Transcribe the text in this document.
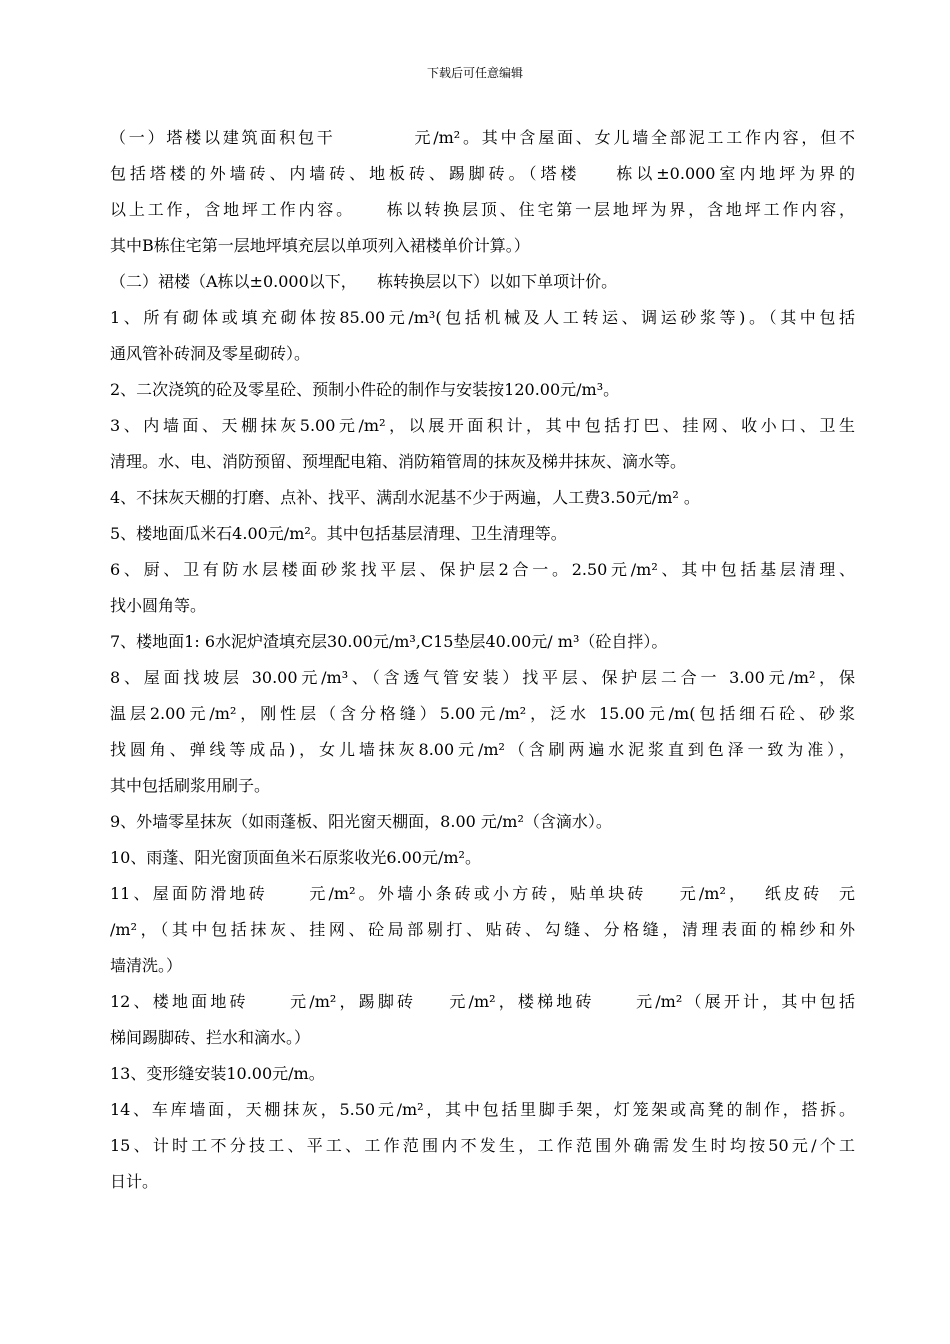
下载后可任意编辑
（一）塔楼以建筑面积包干          元/m²。其中含屋面、女儿墙全部泥工工作内容，但不
包括塔楼的外墙砖、内墙砖、地板砖、踢脚砖。（塔楼    栋以±0.000室内地坪为界的
以上工作，含地坪工作内容。    栋以转换层顶、住宅第一层地坪为界，含地坪工作内容，
其中B栋住宅第一层地坪填充层以单项列入裙楼单价计算。）
（二）裙楼（A栋以±0.000以下，    栋转换层以下）以如下单项计价。
1、所有砌体或填充砌体按85.00元/m³(包括机械及人工转运、调运砂浆等)。（其中包括
通风管补砖洞及零星砌砖）。
2、二次浇筑的砼及零星砼、预制小件砼的制作与安装按120.00元/m³。
3、内墙面、天棚抹灰5.00元/m²，以展开面积计，其中包括打巴、挂网、收小口、卫生
清理。水、电、消防预留、预埋配电箱、消防箱管周的抹灰及梯井抹灰、滴水等。
4、不抹灰天棚的打磨、点补、找平、满刮水泥基不少于两遍，人工费3.50元/m² 。
5、楼地面瓜米石4.00元/m²。其中包括基层清理、卫生清理等。
6、厨、卫有防水层楼面砂浆找平层、保护层2合一。2.50元/m²、其中包括基层清理、
找小圆角等。
7、楼地面1: 6水泥炉渣填充层30.00元/m³,C15垫层40.00元/ m³（砼自拌）。
8、屋面找坡层 30.00元/m³、（含透气管安装）找平层、保护层二合一 3.00元/m²，保
温层2.00元/m²，刚性层（含分格缝）5.00元/m²，泛水 15.00元/m(包括细石砼、砂浆
找圆角、弹线等成品)，女儿墙抹灰8.00元/m²（含刷两遍水泥浆直到色泽一致为准），
其中包括刷浆用刷子。
9、外墙零星抹灰（如雨蓬板、阳光窗天棚面，8.00 元/m²（含滴水）。
10、雨蓬、阳光窗顶面鱼米石原浆收光6.00元/m²。
11、屋面防滑地砖     元/m²。外墙小条砖或小方砖，贴单块砖    元/m²，  纸皮砖  元
/m²，（其中包括抹灰、挂网、砼局部剔打、贴砖、勾缝、分格缝，清理表面的棉纱和外
墙清洗。）
12、楼地面地砖     元/m²，踢脚砖    元/m²，楼梯地砖     元/m²（展开计，其中包括
梯间踢脚砖、拦水和滴水。）
13、变形缝安装10.00元/m。
14、车库墙面，天棚抹灰，5.50元/m²，其中包括里脚手架，灯笼架或高凳的制作，搭拆。
15、计时工不分技工、平工、工作范围内不发生，工作范围外确需发生时均按50元/个工
日计。
